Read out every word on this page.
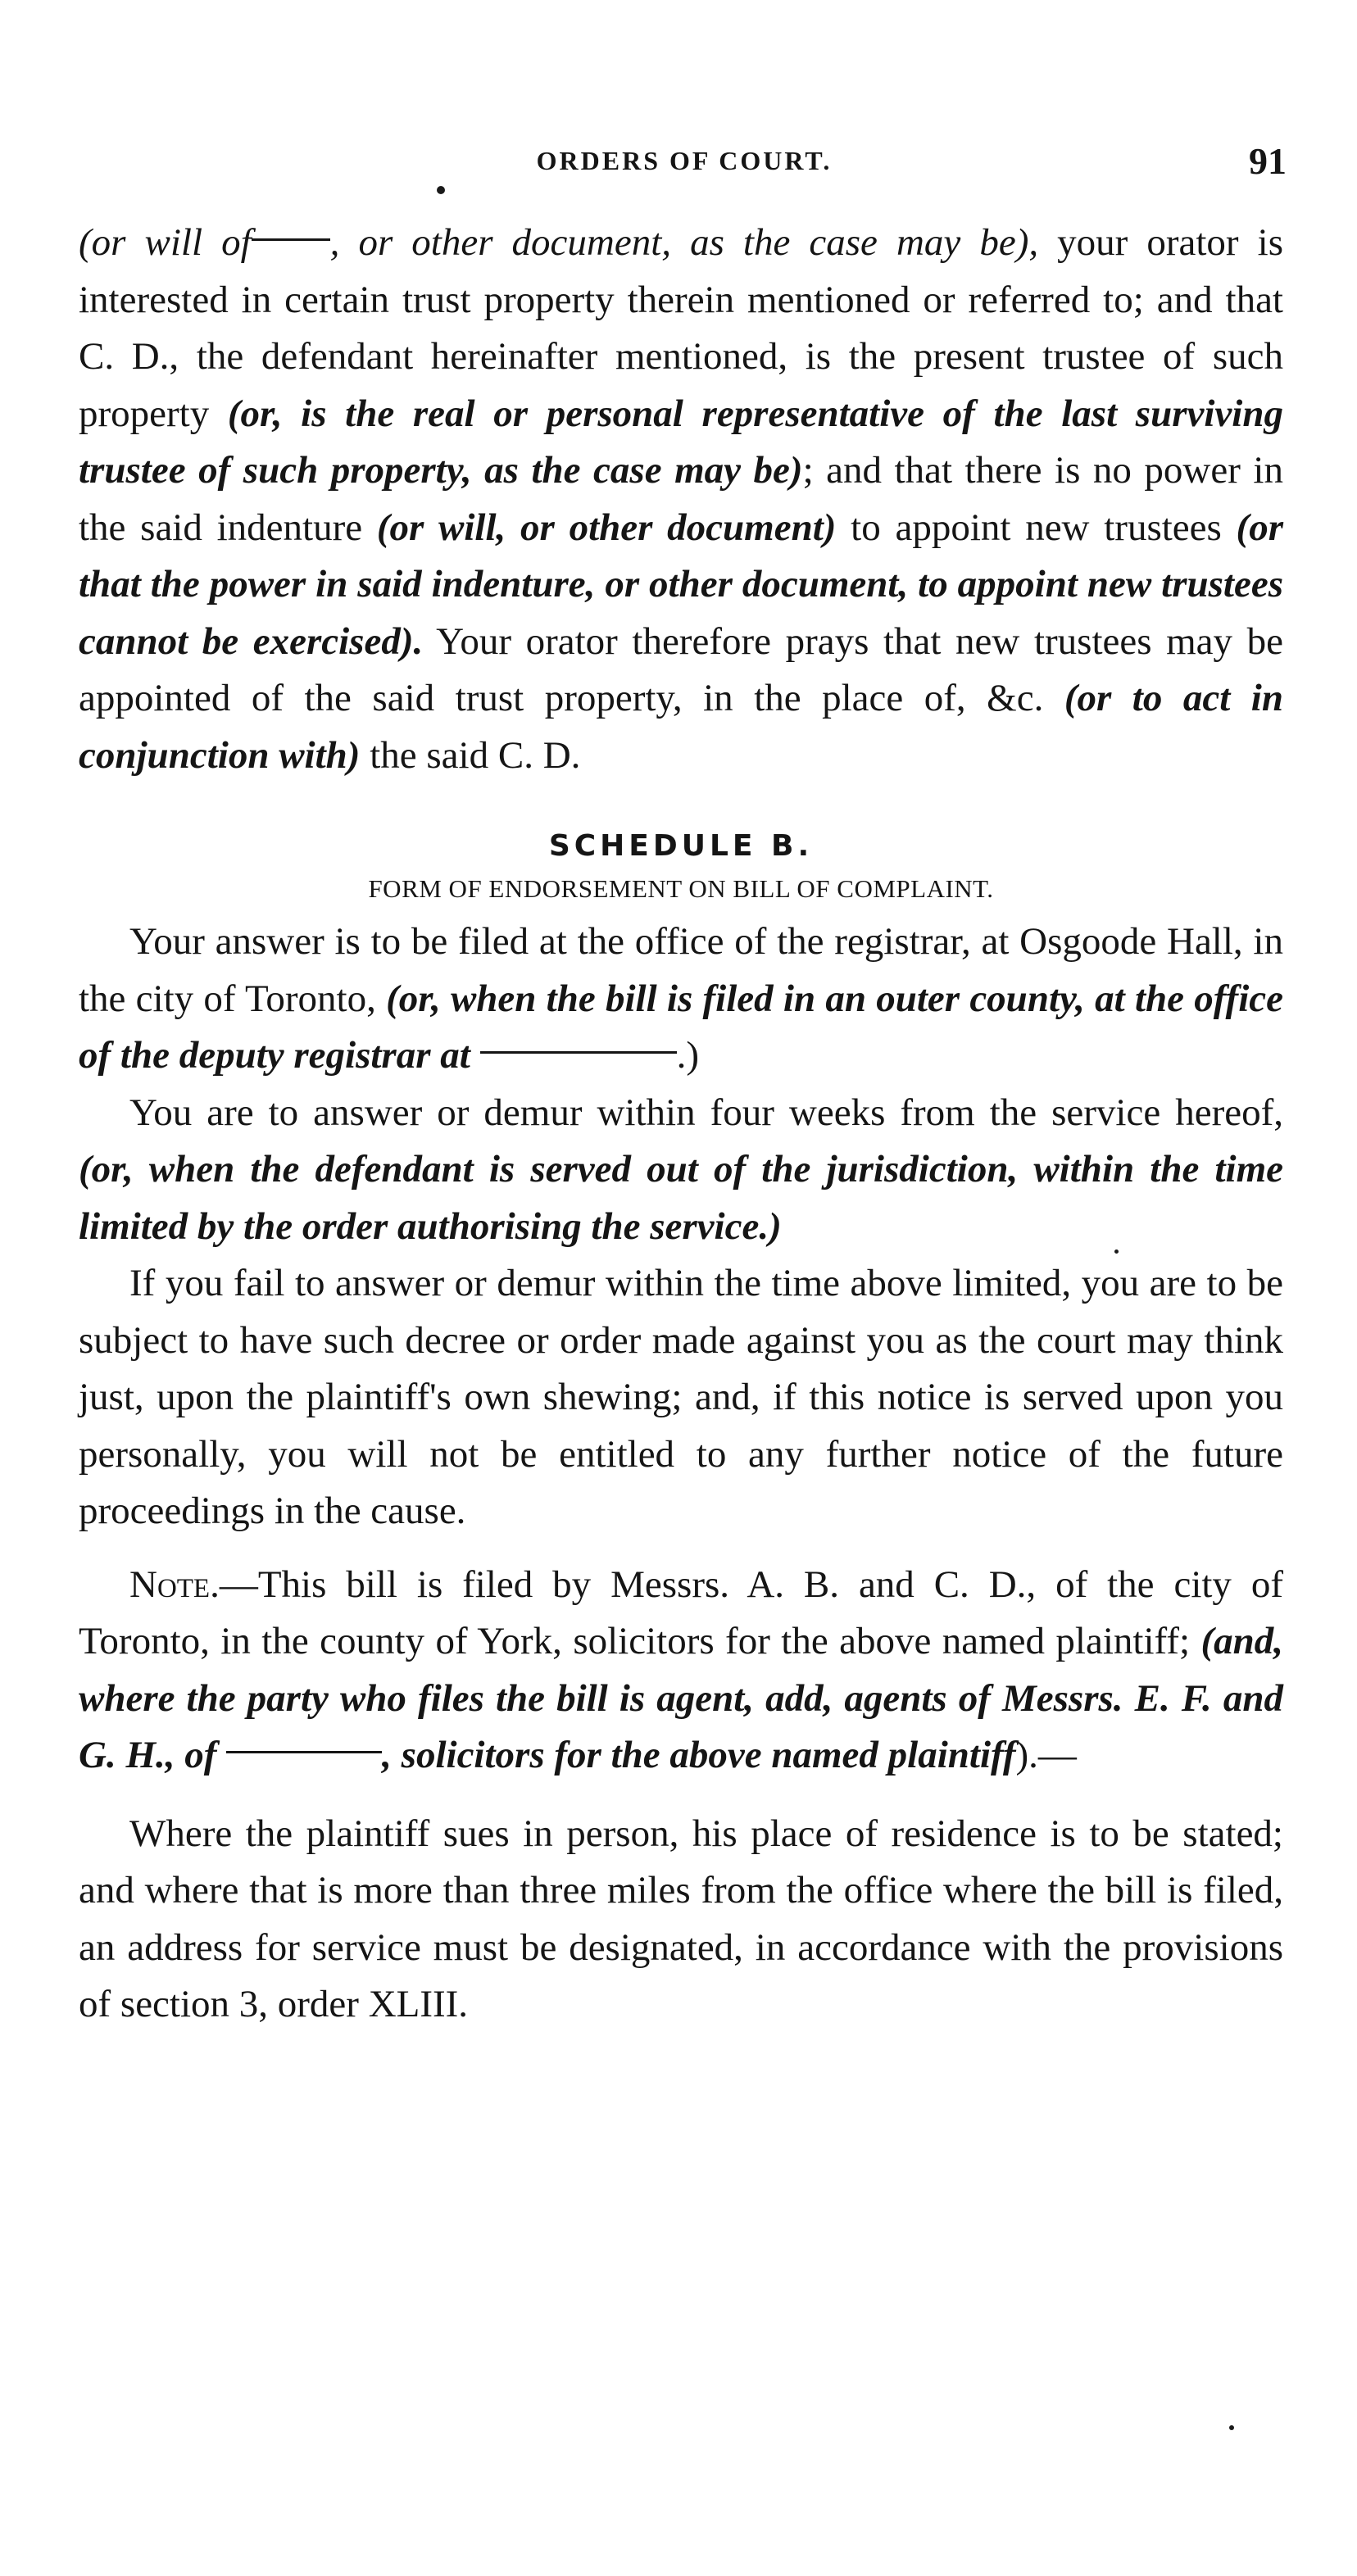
ORDERS OF COURT.	91

(or will of , or other document, as the case may be), your orator is interested in certain trust property therein mentioned or referred to; and that C. D., the defendant hereinafter mentioned, is the present trustee of such property (or, is the real or personal representative of the last surviving trustee of such property, as the case may be); and that there is no power in the said indenture (or will, or other document) to appoint new trustees (or that the power in said indenture, or other document, to appoint new trustees cannot be exercised). Your orator therefore prays that new trustees may be appointed of the said trust property, in the place of, &c. (or to act in conjunction with) the said C. D.

SCHEDULE B.
FORM OF ENDORSEMENT ON BILL OF COMPLAINT.

Your answer is to be filed at the office of the registrar, at Osgoode Hall, in the city of Toronto, (or, when the bill is filed in an outer county, at the office of the deputy registrar at	.)

You are to answer or demur within four weeks from the service hereof, (or, when the defendant is served out of the jurisdiction, within the time limited by the order authorising the service.)

If you fail to answer or demur within the time above limited, you are to be subject to have such decree or order made against you as the court may think just, upon the plaintiff's own shewing; and, if this notice is served upon you personally, you will not be entitled to any further notice of the future proceedings in the cause.

Note.—This bill is filed by Messrs. A. B. and C. D., of the city of Toronto, in the county of York, solicitors for the above named plaintiff; (and, where the party who files the bill is agent, add, agents of Messrs. E. F. and G. H., of	, solicitors for the above named plaintiff).—

Where the plaintiff sues in person, his place of residence is to be stated; and where that is more than three miles from the office where the bill is filed, an address for service must be designated, in accordance with the provisions of section 3, order XLIII.
